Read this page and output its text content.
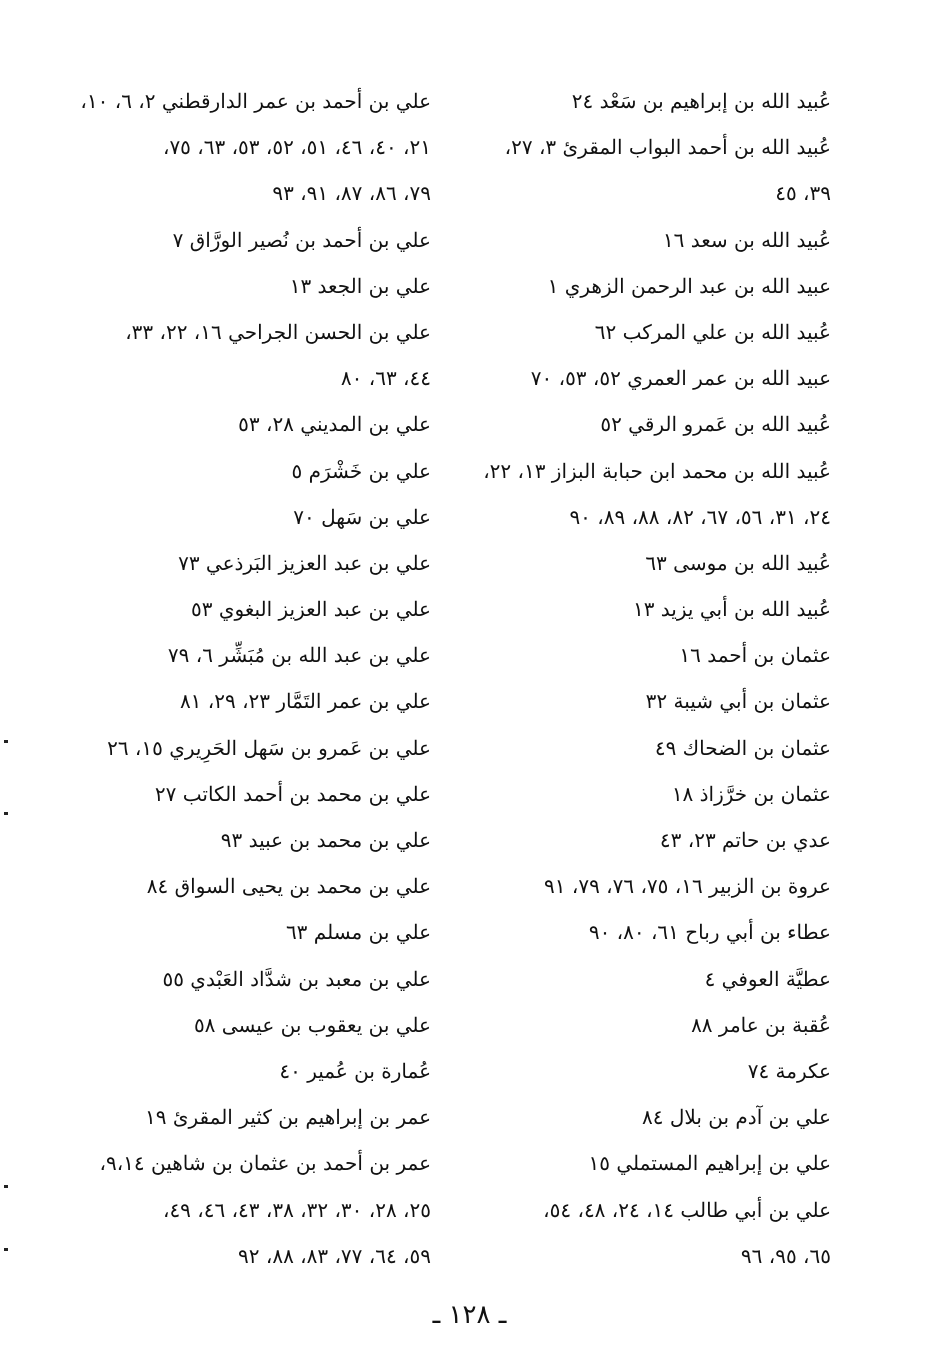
عُبيد الله بن إبراهيم بن سَعْد ٢٤
عُبيد الله بن أحمد البواب المقرئ ٣، ٢٧،
٣٩، ٤٥
عُبيد الله بن سعد ١٦
عبيد الله بن عبد الرحمن الزهري ١
عُبيد الله بن علي المركب ٦٢
عبيد الله بن عمر العمري ٥٢، ٥٣، ٧٠
عُبيد الله بن عَمرو الرقي ٥٢
عُبيد الله بن محمد ابن حبابة البزاز ١٣، ٢٢،
٢٤، ٣١، ٥٦، ٦٧، ٨٢، ٨٨، ٨٩، ٩٠
عُبيد الله بن موسى ٦٣
عُبيد الله بن أبي يزيد ١٣
عثمان بن أحمد ١٦
عثمان بن أبي شيبة ٣٢
عثمان بن الضحاك ٤٩
عثمان بن خرَّزاذ ١٨
عدي بن حاتم ٢٣، ٤٣
عروة بن الزبير ١٦، ٧٥، ٧٦، ٧٩، ٩١
عطاء بن أبي رباح ٦١، ٨٠، ٩٠
عطيَّة العوفي ٤
عُقبة بن عامر ٨٨
عكرمة ٧٤
علي بن آدم بن بلال ٨٤
علي بن إبراهيم المستملي ١٥
علي بن أبي طالب ١٤، ٢٤، ٤٨، ٥٤،
٦٥، ٩٥، ٩٦
علي بن أحمد بن عمر الدارقطني ٢، ٦، ١٠،
٢١، ٤٠، ٤٦، ٥١، ٥٢، ٥٣، ٦٣، ٧٥،
٧٩، ٨٦، ٨٧، ٩١، ٩٣
علي بن أحمد بن نُصير الورَّاق ٧
علي بن الجعد ١٣
علي بن الحسن الجراحي ١٦، ٢٢، ٣٣،
٤٤، ٦٣، ٨٠
علي بن المديني ٢٨، ٥٣
علي بن خَشْرَم ٥
علي بن سَهل ٧٠
علي بن عبد العزيز البَرذعي ٧٣
علي بن عبد العزيز البغوي ٥٣
علي بن عبد الله بن مُبَشِّر ٦، ٧٩
علي بن عمر التَمَّار ٢٣، ٢٩، ٨١
علي بن عَمرو بن سَهل الحَرِيري ١٥، ٢٦
علي بن محمد بن أحمد الكاتب ٢٧
علي بن محمد بن عبيد ٩٣
علي بن محمد بن يحيى السواق ٨٤
علي بن مسلم ٦٣
علي بن معبد بن شدَّاد العَبْدي ٥٥
علي بن يعقوب بن عيسى ٥٨
عُمارة بن عُمير ٤٠
عمر بن إبراهيم بن كثير المقرئ ١٩
عمر بن أحمد بن عثمان بن شاهين ٩،١٤،
٢٥، ٢٨، ٣٠، ٣٢، ٣٨، ٤٣، ٤٦، ٤٩،
٥٩، ٦٤، ٧٧، ٨٣، ٨٨، ٩٢
ـ ١٢٨ ـ
